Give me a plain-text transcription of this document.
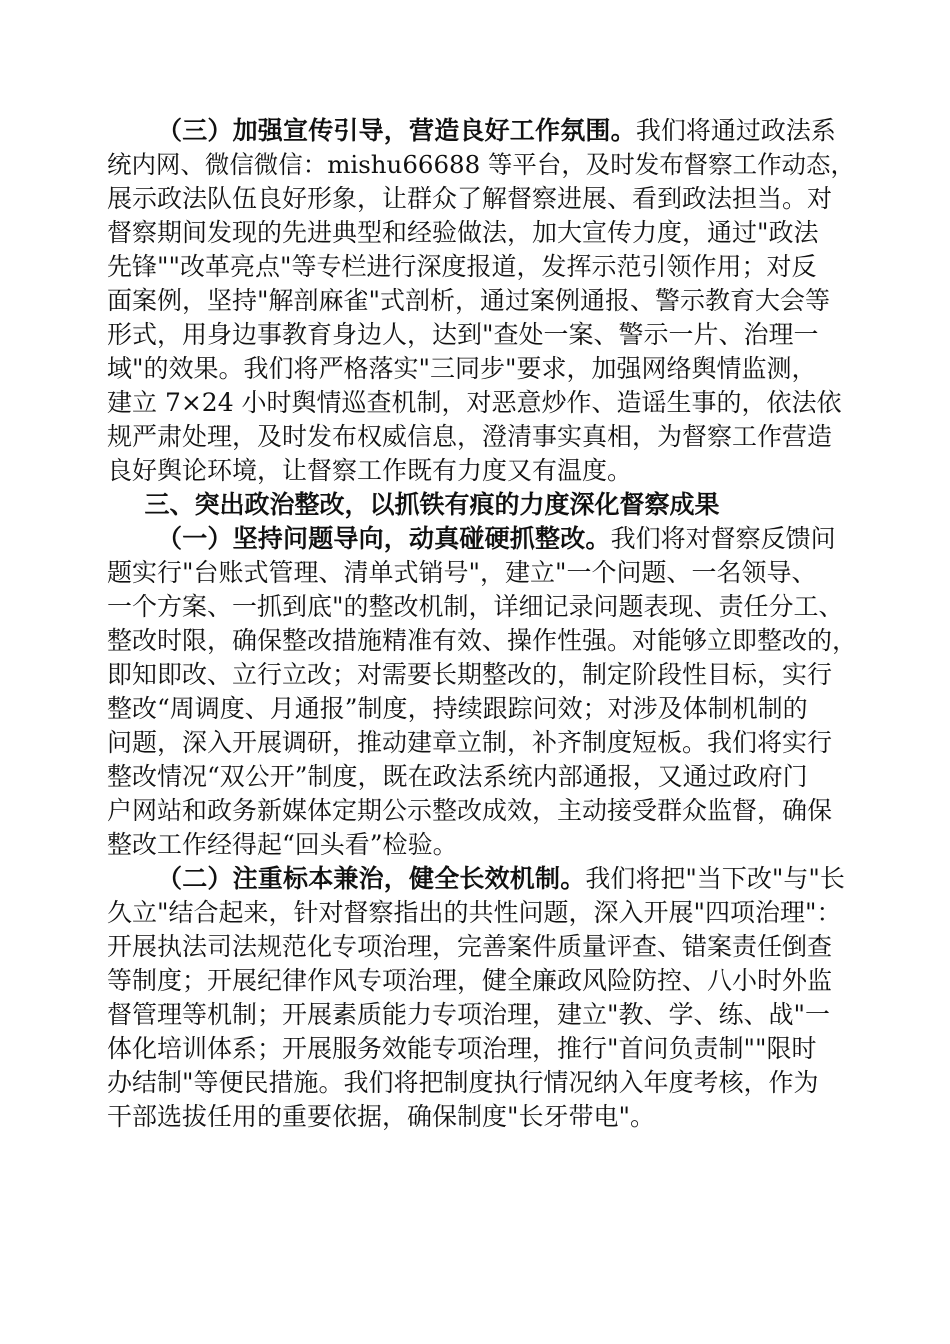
（三）加强宣传引导，营造良好工作氛围。我们将通过政法系
统内网、微信微信：mishu66688 等平台，及时发布督察工作动态，
展示政法队伍良好形象，让群众了解督察进展、看到政法担当。对
督察期间发现的先进典型和经验做法，加大宣传力度，通过"政法
先锋""改革亮点"等专栏进行深度报道，发挥示范引领作用；对反
面案例，坚持"解剖麻雀"式剖析，通过案例通报、警示教育大会等
形式，用身边事教育身边人，达到"查处一案、警示一片、治理一
域"的效果。我们将严格落实"三同步"要求，加强网络舆情监测，
建立 7×24 小时舆情巡查机制，对恶意炒作、造谣生事的，依法依
规严肃处理，及时发布权威信息，澄清事实真相，为督察工作营造
良好舆论环境，让督察工作既有力度又有温度。
三、突出政治整改，以抓铁有痕的力度深化督察成果
（一）坚持问题导向，动真碰硬抓整改。我们将对督察反馈问
题实行"台账式管理、清单式销号"，建立"一个问题、一名领导、
一个方案、一抓到底"的整改机制，详细记录问题表现、责任分工、
整改时限，确保整改措施精准有效、操作性强。对能够立即整改的，
即知即改、立行立改；对需要长期整改的，制定阶段性目标，实行
整改“周调度、月通报”制度，持续跟踪问效；对涉及体制机制的
问题，深入开展调研，推动建章立制，补齐制度短板。我们将实行
整改情况“双公开”制度，既在政法系统内部通报，又通过政府门
户网站和政务新媒体定期公示整改成效，主动接受群众监督，确保
整改工作经得起“回头看”检验。
（二）注重标本兼治，健全长效机制。我们将把"当下改"与"长
久立"结合起来，针对督察指出的共性问题，深入开展"四项治理"：
开展执法司法规范化专项治理，完善案件质量评查、错案责任倒查
等制度；开展纪律作风专项治理，健全廉政风险防控、八小时外监
督管理等机制；开展素质能力专项治理，建立"教、学、练、战"一
体化培训体系；开展服务效能专项治理，推行"首问负责制""限时
办结制"等便民措施。我们将把制度执行情况纳入年度考核，作为
干部选拔任用的重要依据，确保制度"长牙带电"。
